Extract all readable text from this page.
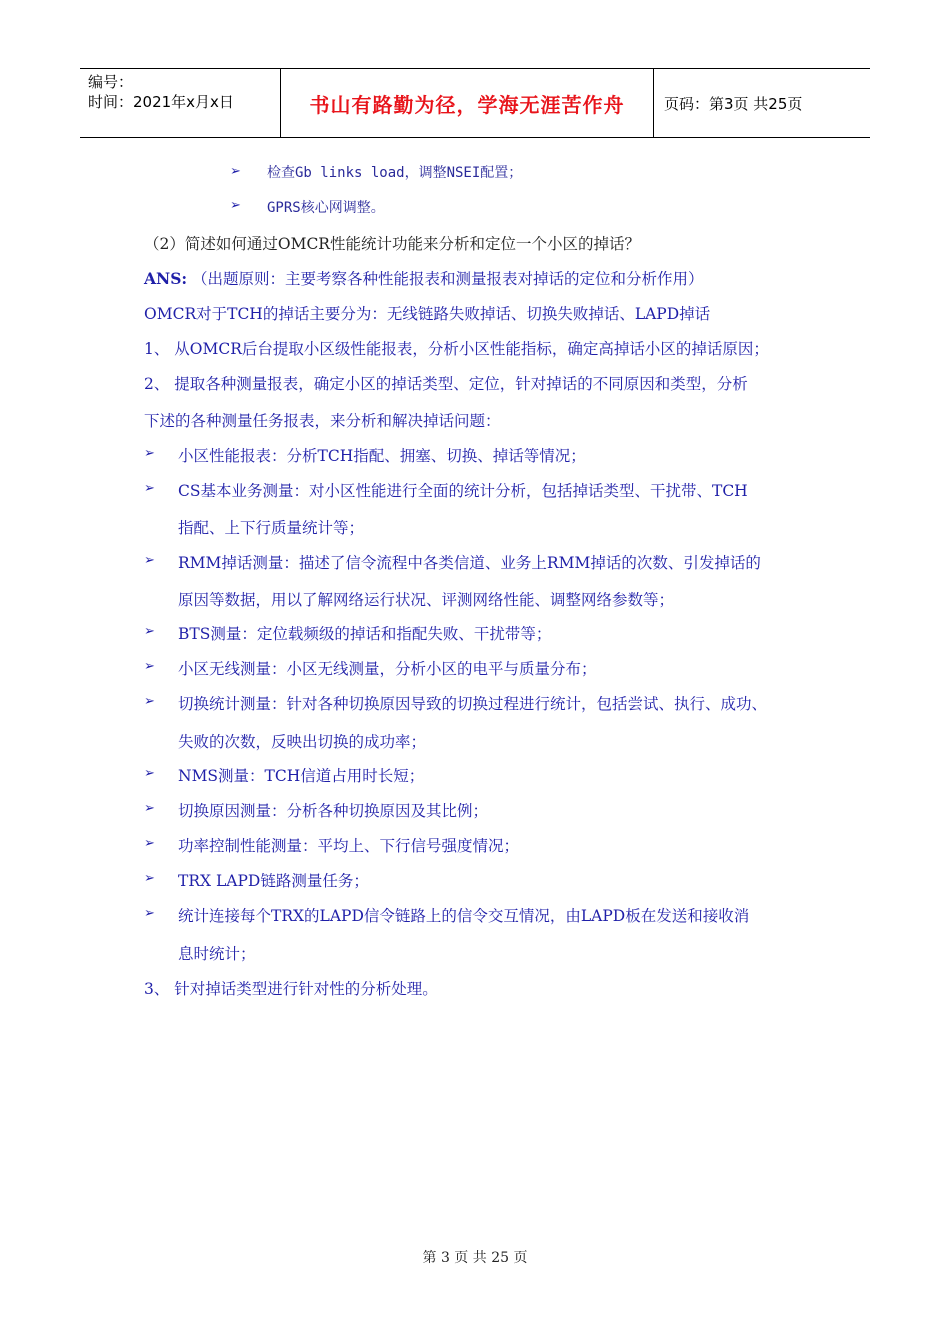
编号：
时间：2021年x月x日	书山有路勤为径，学海无涯苦作舟	页码：第3页 共25页
➢ 检查Gb links load，调整NSEI配置；
➢ GPRS核心网调整。
（2）简述如何通过OMCR性能统计功能来分析和定位一个小区的掉话？
ANS: （出题原则：主要考察各种性能报表和测量报表对掉话的定位和分析作用）
OMCR对于TCH的掉话主要分为：无线链路失败掉话、切换失败掉话、LAPD掉话
1、 从OMCR后台提取小区级性能报表，分析小区性能指标，确定高掉话小区的掉话原因；
2、 提取各种测量报表，确定小区的掉话类型、定位，针对掉话的不同原因和类型，分析
下述的各种测量任务报表，来分析和解决掉话问题：
➢ 小区性能报表：分析TCH指配、拥塞、切换、掉话等情况；
➢ CS基本业务测量：对小区性能进行全面的统计分析，包括掉话类型、干扰带、TCH
指配、上下行质量统计等；
➢ RMM掉话测量：描述了信令流程中各类信道、业务上RMM掉话的次数、引发掉话的
原因等数据，用以了解网络运行状况、评测网络性能、调整网络参数等；
➢ BTS测量：定位载频级的掉话和指配失败、干扰带等；
➢ 小区无线测量：小区无线测量，分析小区的电平与质量分布；
➢ 切换统计测量：针对各种切换原因导致的切换过程进行统计，包括尝试、执行、成功、
失败的次数，反映出切换的成功率；
➢ NMS测量：TCH信道占用时长短；
➢ 切换原因测量：分析各种切换原因及其比例；
➢ 功率控制性能测量：平均上、下行信号强度情况；
➢ TRX LAPD链路测量任务；
➢ 统计连接每个TRX的LAPD信令链路上的信令交互情况，由LAPD板在发送和接收消
息时统计；
3、 针对掉话类型进行针对性的分析处理。
第 3 页 共 25 页
